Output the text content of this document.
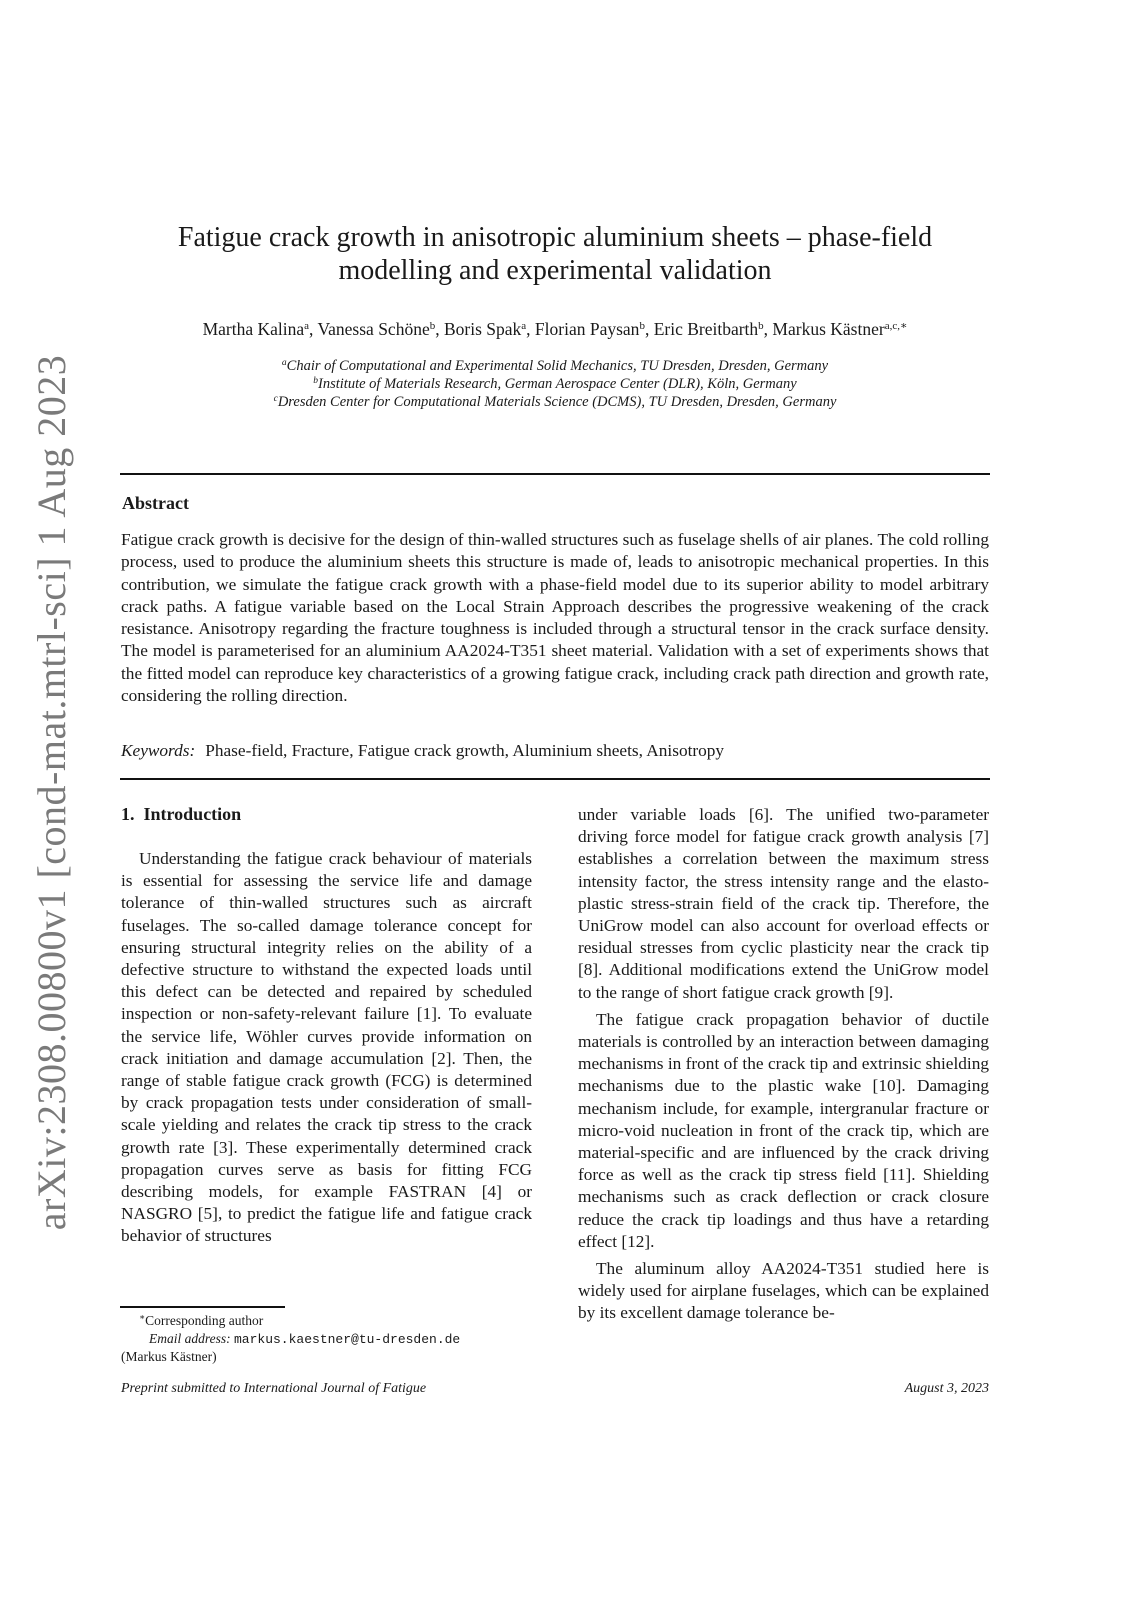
arXiv:2308.00800v1 [cond-mat.mtrl-sci] 1 Aug 2023
Fatigue crack growth in anisotropic aluminium sheets – phase-field modelling and experimental validation
Martha Kalina$^a$, Vanessa Schöne$^b$, Boris Spak$^a$, Florian Paysan$^b$, Eric Breitbarth$^b$, Markus Kästner$^{a,c,∗}$
$^a$Chair of Computational and Experimental Solid Mechanics, TU Dresden, Dresden, Germany
$^b$Institute of Materials Research, German Aerospace Center (DLR), Köln, Germany
$^c$Dresden Center for Computational Materials Science (DCMS), TU Dresden, Dresden, Germany
Abstract

Fatigue crack growth is decisive for the design of thin-walled structures such as fuselage shells of air planes. The cold rolling process, used to produce the aluminium sheets this structure is made of, leads to anisotropic mechanical properties. In this contribution, we simulate the fatigue crack growth with a phase-field model due to its superior ability to model arbitrary crack paths. A fatigue variable based on the Local Strain Approach describes the progressive weakening of the crack resistance. Anisotropy regarding the fracture toughness is included through a structural tensor in the crack surface density. The model is parameterised for an aluminium AA2024-T351 sheet material. Validation with a set of experiments shows that the fitted model can reproduce key characteristics of a growing fatigue crack, including crack path direction and growth rate, considering the rolling direction.

Keywords: Phase-field, Fracture, Fatigue crack growth, Aluminium sheets, Anisotropy
1. Introduction

Understanding the fatigue crack behaviour of materials is essential for assessing the service life and damage tolerance of thin-walled structures such as aircraft fuselages. The so-called damage tolerance concept for ensuring structural integrity relies on the ability of a defective structure to withstand the expected loads until this defect can be detected and repaired by scheduled inspection or non-safety-relevant failure [1]. To evaluate the service life, Wöhler curves provide information on crack initiation and damage accumulation [2]. Then, the range of stable fatigue crack growth (FCG) is determined by crack propagation tests under consideration of small-scale yielding and relates the crack tip stress to the crack growth rate [3]. These experimentally determined crack propagation curves serve as basis for fitting FCG describing models, for example FASTRAN [4] or NASGRO [5], to predict the fatigue life and fatigue crack behavior of structures

under variable loads [6]. The unified two-parameter driving force model for fatigue crack growth analysis [7] establishes a correlation between the maximum stress intensity factor, the stress intensity range and the elasto-plastic stress-strain field of the crack tip. Therefore, the UniGrow model can also account for overload effects or residual stresses from cyclic plasticity near the crack tip [8]. Additional modifications extend the UniGrow model to the range of short fatigue crack growth [9].

The fatigue crack propagation behavior of ductile materials is controlled by an interaction between damaging mechanisms in front of the crack tip and extrinsic shielding mechanisms due to the plastic wake [10]. Damaging mechanism include, for example, intergranular fracture or micro-void nucleation in front of the crack tip, which are material-specific and are influenced by the crack driving force as well as the crack tip stress field [11]. Shielding mechanisms such as crack deflection or crack closure reduce the crack tip loadings and thus have a retarding effect [12].

The aluminum alloy AA2024-T351 studied here is widely used for airplane fuselages, which can be explained by its excellent damage tolerance be-

∗Corresponding author
Email address: markus.kaestner@tu-dresden.de
(Markus Kästner)
Preprint submitted to International Journal of Fatigue	August 3, 2023
